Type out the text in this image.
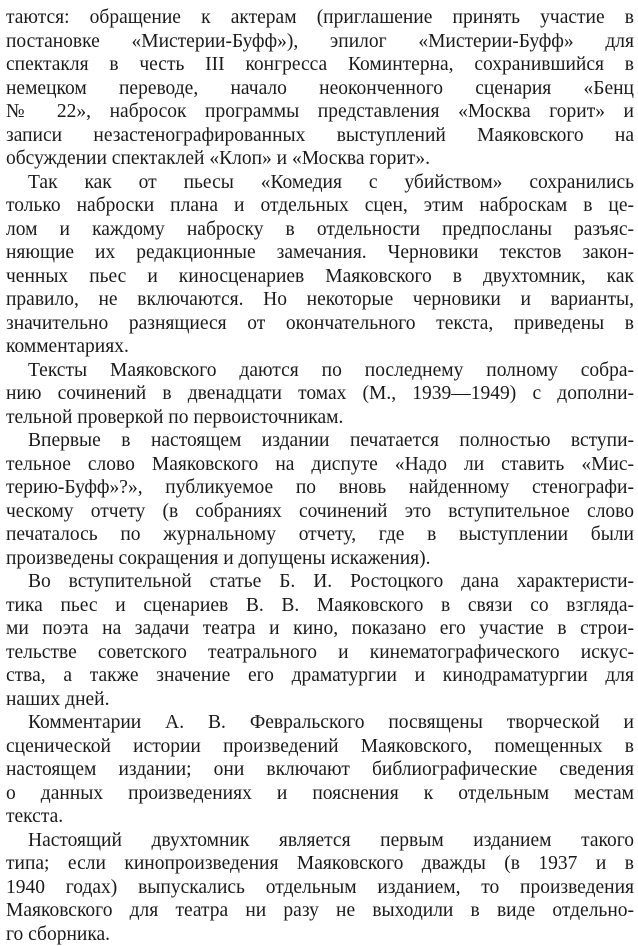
таются: обращение к актерам (приглашение принять участие в
постановке «Мистерии-Буфф»), эпилог «Мистерии-Буфф» для
спектакля в честь III конгресса Коминтерна, сохранившийся в
немецком переводе, начало неоконченного сценария «Бенц
№ 22», набросок программы представления «Москва горит» и
записи незастенографированных выступлений Маяковского на
обсуждении спектаклей «Клоп» и «Москва горит».
Так как от пьесы «Комедия с убийством» сохранились
только наброски плана и отдельных сцен, этим наброскам в це-
лом и каждому наброску в отдельности предпосланы разъяс-
няющие их редакционные замечания. Черновики текстов закон-
ченных пьес и киносценариев Маяковского в двухтомник, как
правило, не включаются. Но некоторые черновики и варианты,
значительно разнящиеся от окончательного текста, приведены в
комментариях.
Тексты Маяковского даются по последнему полному собра-
нию сочинений в двенадцати томах (М., 1939—1949) с дополни-
тельной проверкой по первоисточникам.
Впервые в настоящем издании печатается полностью вступи-
тельное слово Маяковского на диспуте «Надо ли ставить «Мис-
терию-Буфф»?», публикуемое по вновь найденному стенографи-
ческому отчету (в собраниях сочинений это вступительное слово
печаталось по журнальному отчету, где в выступлении были
произведены сокращения и допущены искажения).
Во вступительной статье Б. И. Ростоцкого дана характеристи-
тика пьес и сценариев В. В. Маяковского в связи со взгляда-
ми поэта на задачи театра и кино, показано его участие в строи-
тельстве советского театрального и кинематографического искус-
ства, а также значение его драматургии и кинодраматургии для
наших дней.
Комментарии А. В. Февральского посвящены творческой и
сценической истории произведений Маяковского, помещенных в
настоящем издании; они включают библиографические сведения
о данных произведениях и пояснения к отдельным местам
текста.
Настоящий двухтомник является первым изданием такого
типа; если кинопроизведения Маяковского дважды (в 1937 и в
1940 годах) выпускались отдельным изданием, то произведения
Маяковского для театра ни разу не выходили в виде отдельно-
го сборника.
